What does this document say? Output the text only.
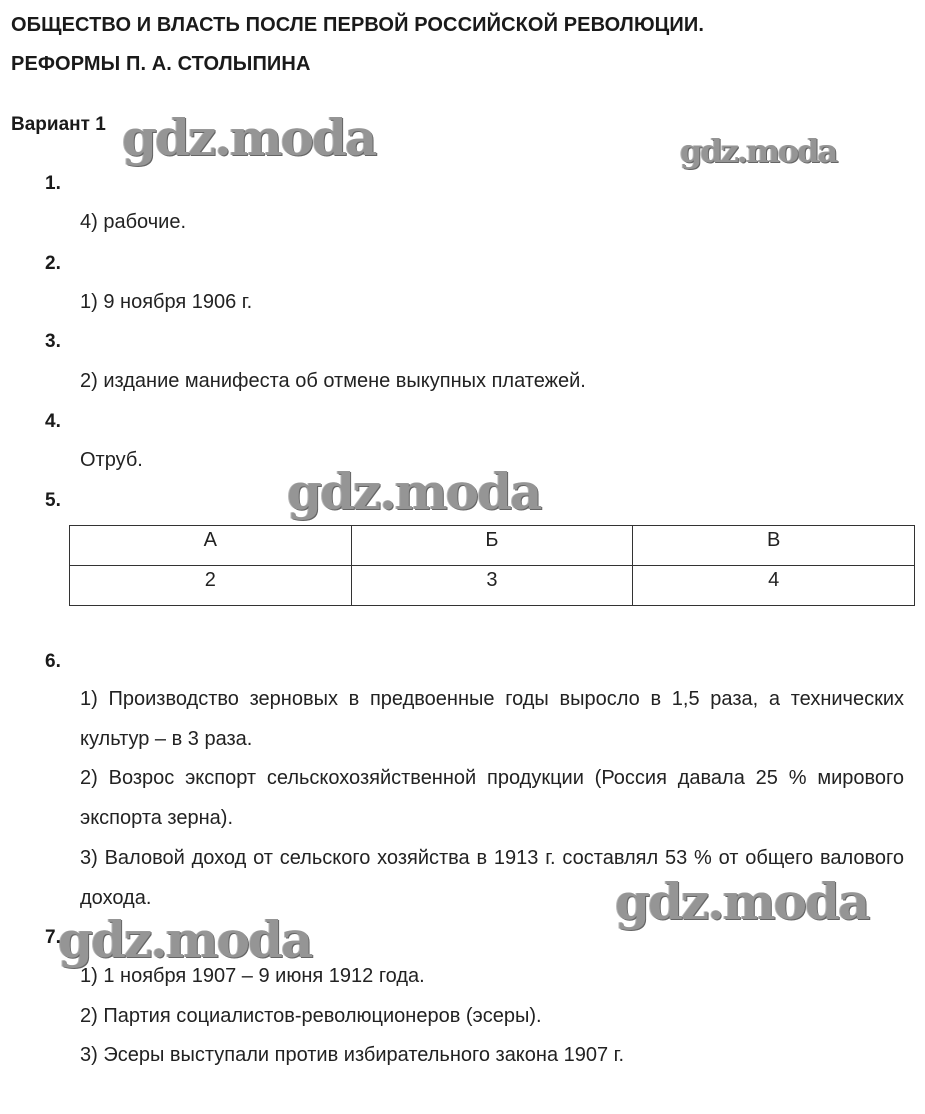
ОБЩЕСТВО И ВЛАСТЬ ПОСЛЕ ПЕРВОЙ РОССИЙСКОЙ РЕВОЛЮЦИИ.
РЕФОРМЫ П. А. СТОЛЫПИНА
Вариант 1 gdz.moda	gdz.moda
gdz.moda
gdz.moda
gdz.moda
1.
4) рабочие.
2.
1) 9 ноября 1906 г.
3.
2) издание манифеста об отмене выкупных платежей.
4.
Отруб.
5.
А	Б	В
2	3	4
6.
1) Производство зерновых в предвоенные годы выросло в 1,5 раза, а технических культур – в 3 раза.
2) Возрос экспорт сельскохозяйственной продукции (Россия давала 25 % мирового экспорта зерна).
3) Валовой доход от сельского хозяйства в 1913 г. составлял 53 % от общего валового дохода.
7.
1) 1 ноября 1907 – 9 июня 1912 года.
2) Партия социалистов-революционеров (эсеры).
3) Эсеры выступали против избирательного закона 1907 г.
